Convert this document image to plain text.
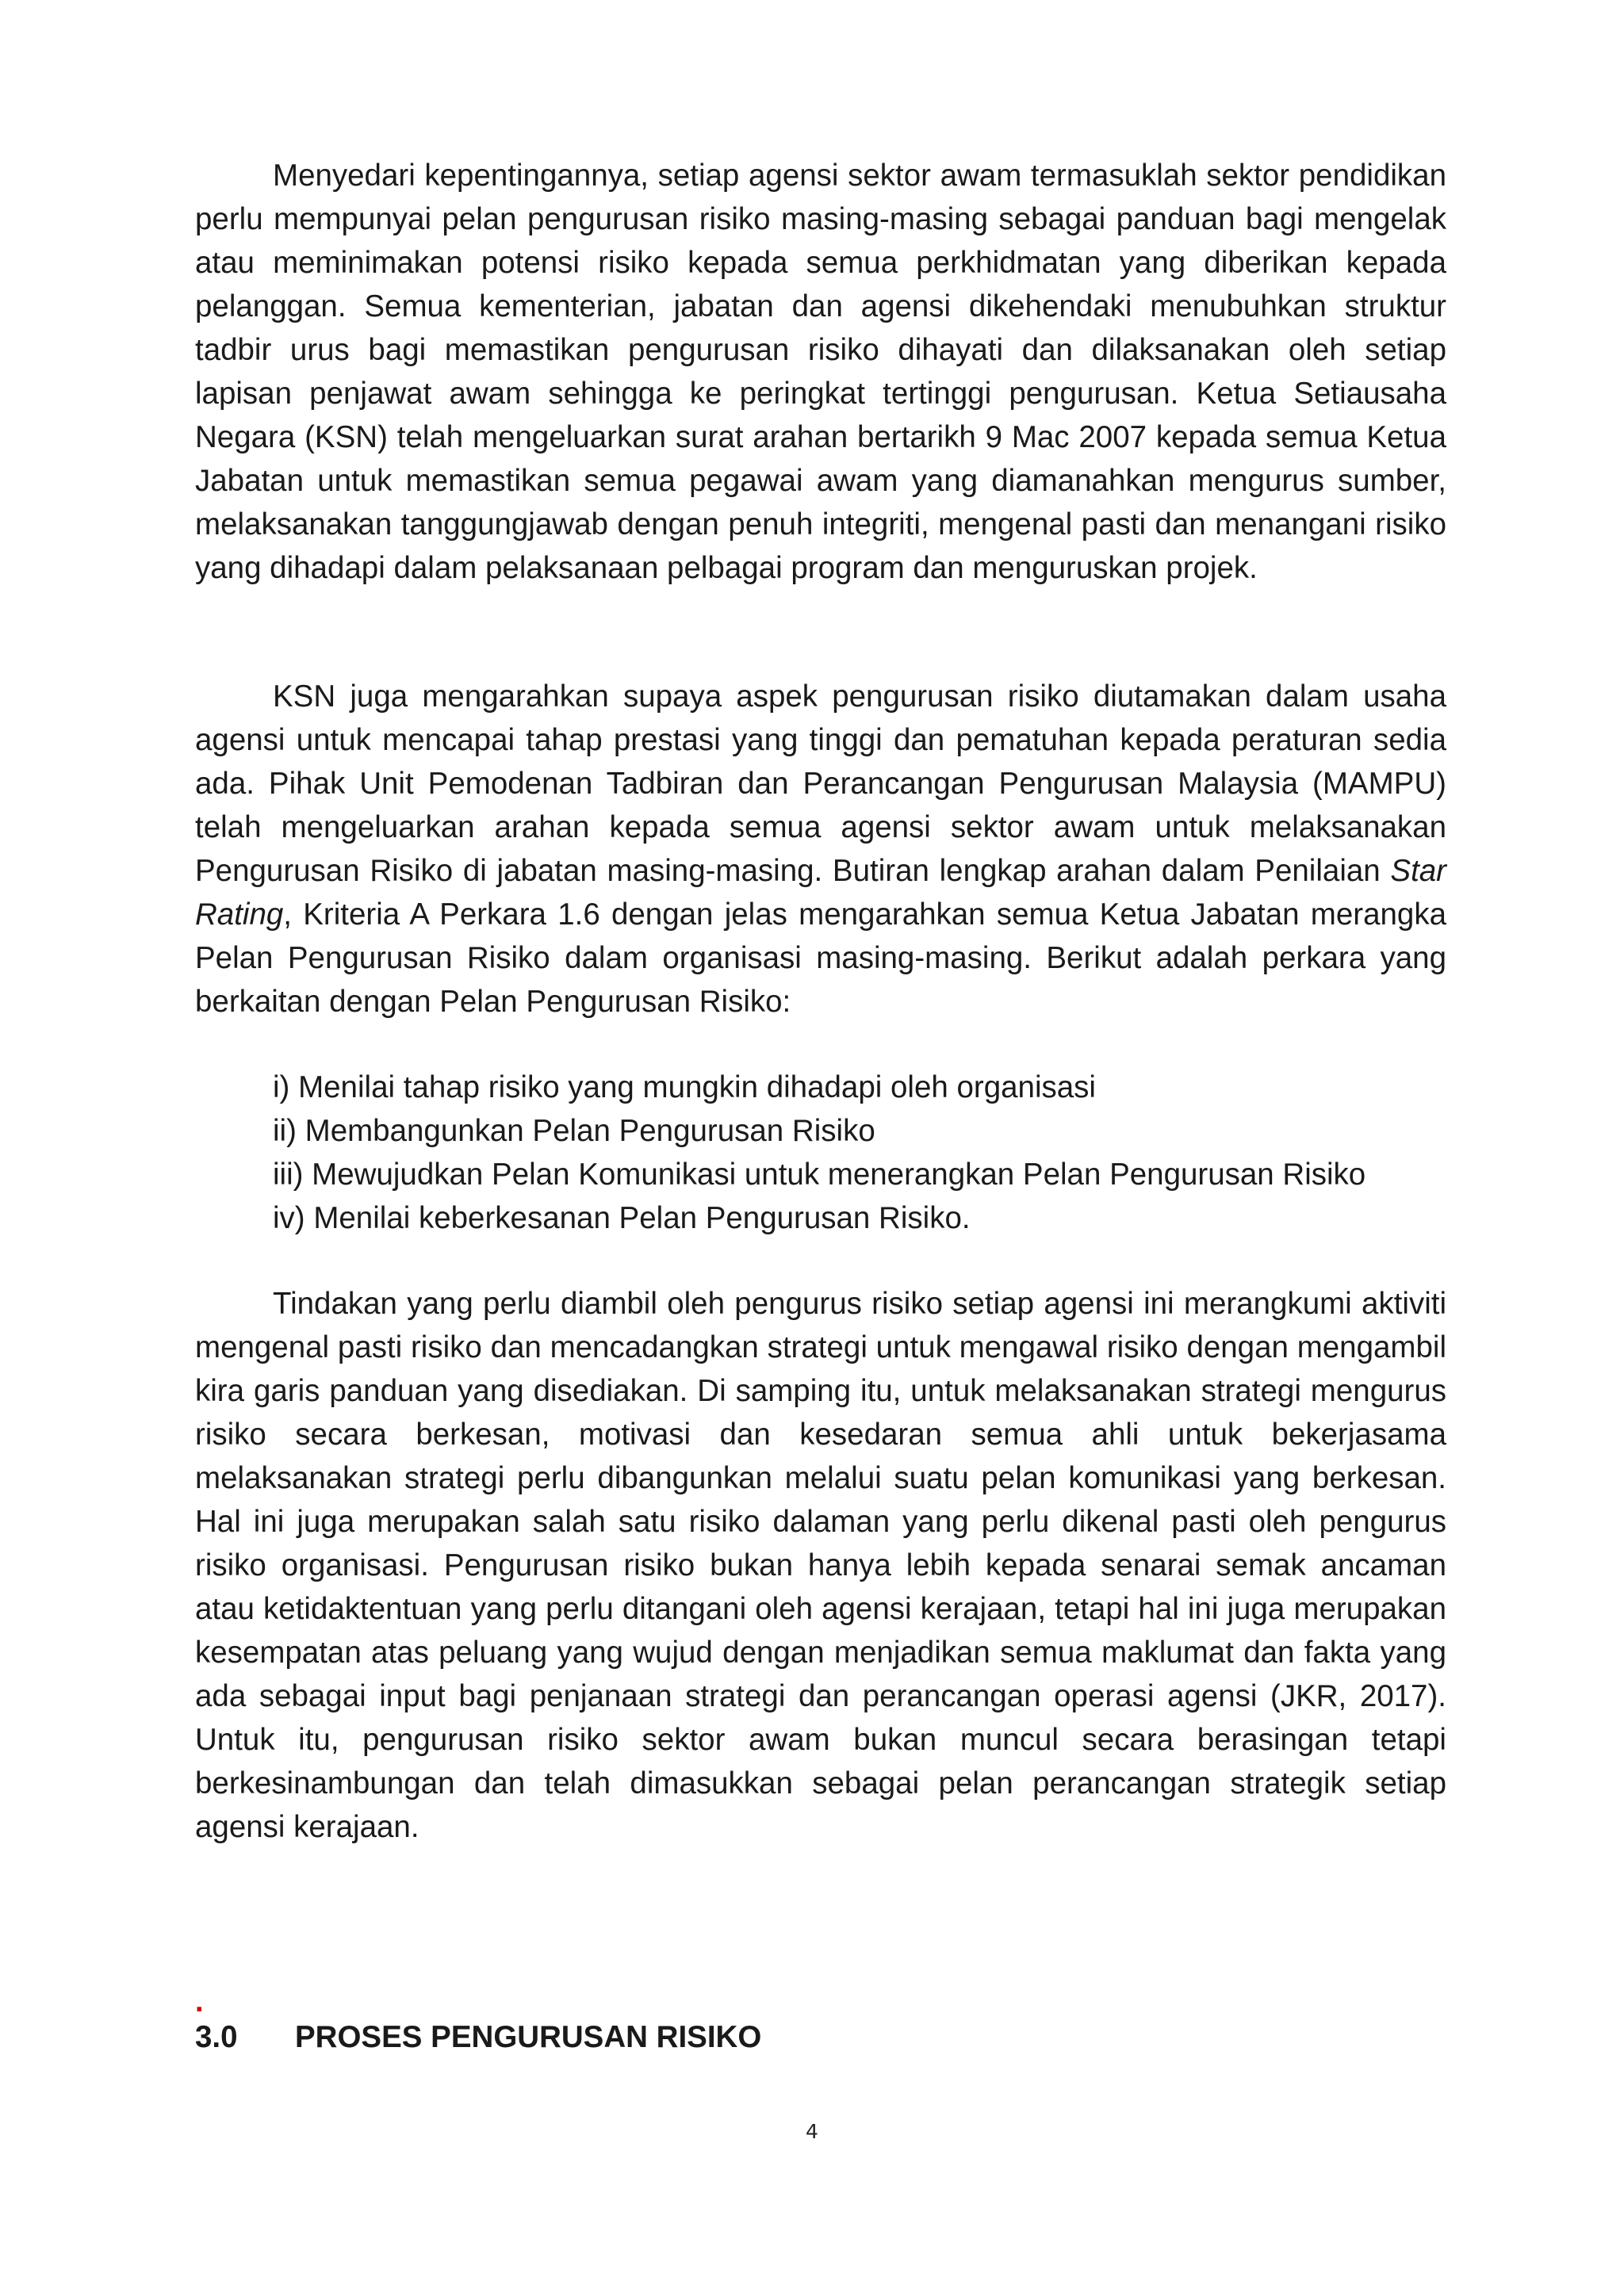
Menyedari kepentingannya, setiap agensi sektor awam termasuklah sektor pendidikan perlu mempunyai pelan pengurusan risiko masing-masing sebagai panduan bagi mengelak atau meminimakan potensi risiko kepada semua perkhidmatan yang diberikan kepada pelanggan. Semua kementerian, jabatan dan agensi dikehendaki menubuhkan struktur tadbir urus bagi memastikan pengurusan risiko dihayati dan dilaksanakan oleh setiap lapisan penjawat awam sehingga ke peringkat tertinggi pengurusan. Ketua Setiausaha Negara (KSN) telah mengeluarkan surat arahan bertarikh 9 Mac 2007 kepada semua Ketua Jabatan untuk memastikan semua pegawai awam yang diamanahkan mengurus sumber, melaksanakan tanggungjawab dengan penuh integriti, mengenal pasti dan menangani risiko yang dihadapi dalam pelaksanaan pelbagai program dan menguruskan projek.

KSN juga mengarahkan supaya aspek pengurusan risiko diutamakan dalam usaha agensi untuk mencapai tahap prestasi yang tinggi dan pematuhan kepada peraturan sedia ada. Pihak Unit Pemodenan Tadbiran dan Perancangan Pengurusan Malaysia (MAMPU) telah mengeluarkan arahan kepada semua agensi sektor awam untuk melaksanakan Pengurusan Risiko di jabatan masing-masing. Butiran lengkap arahan dalam Penilaian Star Rating, Kriteria A Perkara 1.6 dengan jelas mengarahkan semua Ketua Jabatan merangka Pelan Pengurusan Risiko dalam organisasi masing-masing. Berikut adalah perkara yang berkaitan dengan Pelan Pengurusan Risiko:

i) Menilai tahap risiko yang mungkin dihadapi oleh organisasi
ii) Membangunkan Pelan Pengurusan Risiko
iii) Mewujudkan Pelan Komunikasi untuk menerangkan Pelan Pengurusan Risiko
iv) Menilai keberkesanan Pelan Pengurusan Risiko.

Tindakan yang perlu diambil oleh pengurus risiko setiap agensi ini merangkumi aktiviti mengenal pasti risiko dan mencadangkan strategi untuk mengawal risiko dengan mengambil kira garis panduan yang disediakan. Di samping itu, untuk melaksanakan strategi mengurus risiko secara berkesan, motivasi dan kesedaran semua ahli untuk bekerjasama melaksanakan strategi perlu dibangunkan melalui suatu pelan komunikasi yang berkesan. Hal ini juga merupakan salah satu risiko dalaman yang perlu dikenal pasti oleh pengurus risiko organisasi. Pengurusan risiko bukan hanya lebih kepada senarai semak ancaman atau ketidaktentuan yang perlu ditangani oleh agensi kerajaan, tetapi hal ini juga merupakan kesempatan atas peluang yang wujud dengan menjadikan semua maklumat dan fakta yang ada sebagai input bagi penjanaan strategi dan perancangan operasi agensi (JKR, 2017). Untuk itu, pengurusan risiko sektor awam bukan muncul secara berasingan tetapi berkesinambungan dan telah dimasukkan sebagai pelan perancangan strategik setiap agensi kerajaan.

.
3.0 PROSES PENGURUSAN RISIKO
4
